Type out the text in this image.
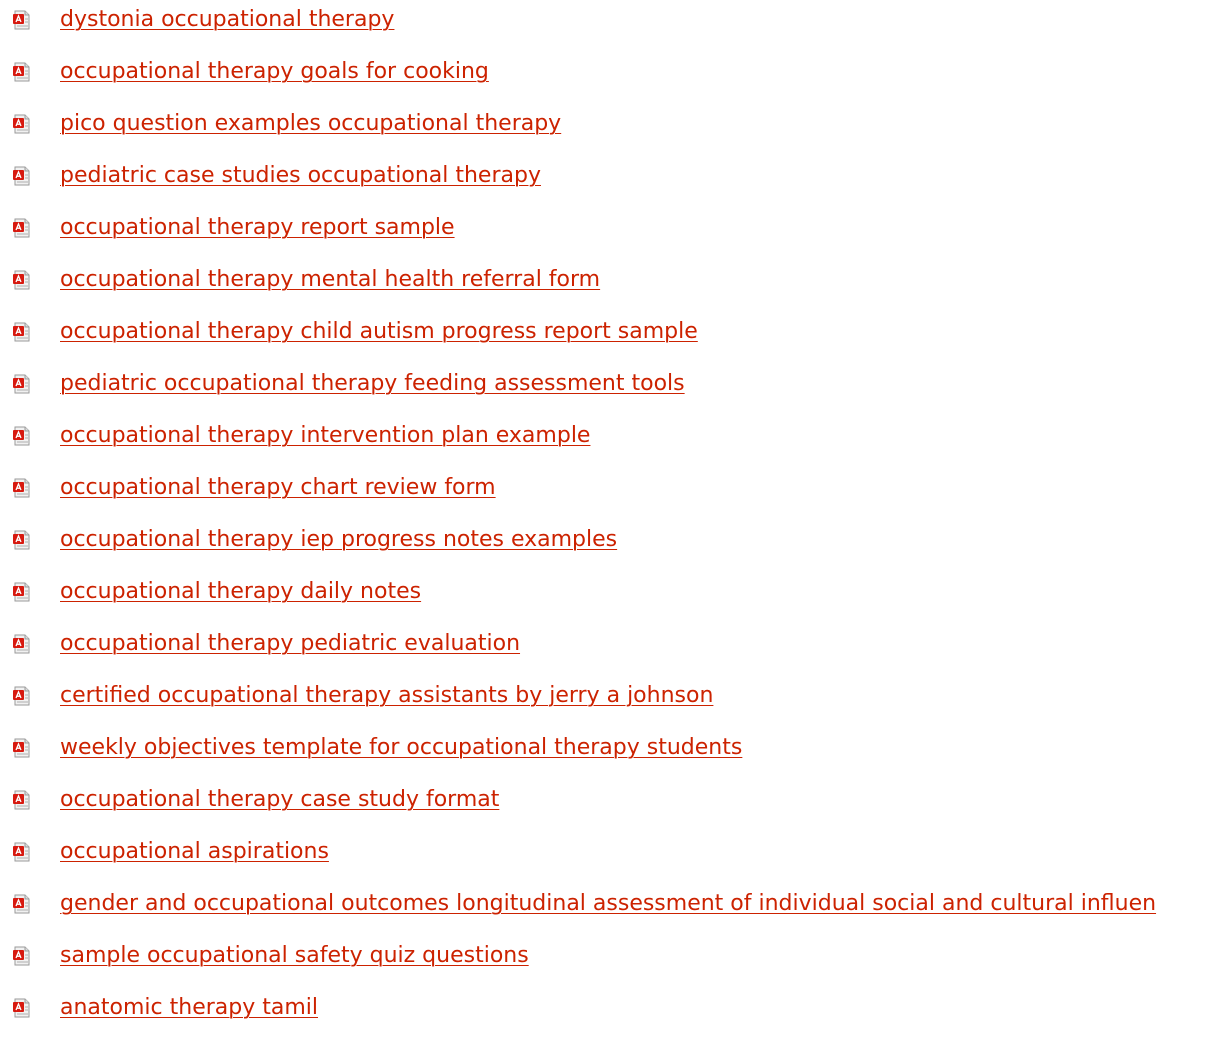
dystonia occupational therapy
occupational therapy goals for cooking
pico question examples occupational therapy
pediatric case studies occupational therapy
occupational therapy report sample
occupational therapy mental health referral form
occupational therapy child autism progress report sample
pediatric occupational therapy feeding assessment tools
occupational therapy intervention plan example
occupational therapy chart review form
occupational therapy iep progress notes examples
occupational therapy daily notes
occupational therapy pediatric evaluation
certified occupational therapy assistants by jerry a johnson
weekly objectives template for occupational therapy students
occupational therapy case study format
occupational aspirations
gender and occupational outcomes longitudinal assessment of individual social and cultural influen
sample occupational safety quiz questions
anatomic therapy tamil
